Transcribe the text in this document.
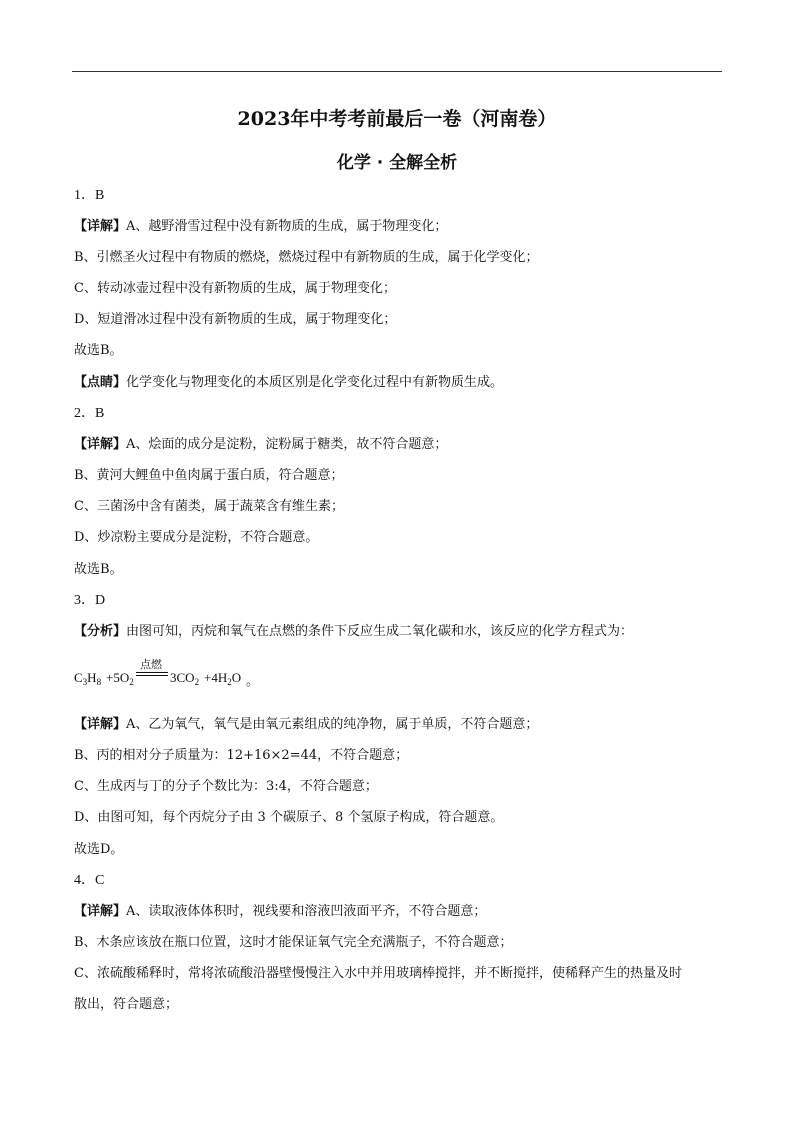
2023年中考考前最后一卷（河南卷）
化学 · 全解全析
1．B
【详解】A、越野滑雪过程中没有新物质的生成，属于物理变化；
B、引燃圣火过程中有物质的燃烧，燃烧过程中有新物质的生成，属于化学变化；
C、转动冰壶过程中没有新物质的生成，属于物理变化；
D、短道滑冰过程中没有新物质的生成，属于物理变化；
故选B。
【点睛】化学变化与物理变化的本质区别是化学变化过程中有新物质生成。
2．B
【详解】A、烩面的成分是淀粉，淀粉属于糖类，故不符合题意；
B、黄河大鲤鱼中鱼肉属于蛋白质，符合题意；
C、三菌汤中含有菌类，属于蔬菜含有维生素；
D、炒凉粉主要成分是淀粉，不符合题意。
故选B。
3．D
【分析】由图可知，丙烷和氧气在点燃的条件下反应生成二氧化碳和水，该反应的化学方程式为：
【详解】A、乙为氧气，氧气是由氧元素组成的纯净物，属于单质，不符合题意；
B、丙的相对分子质量为：12+16×2=44，不符合题意；
C、生成丙与丁的分子个数比为：3:4，不符合题意；
D、由图可知，每个丙烷分子由 3 个碳原子、8 个氢原子构成，符合题意。
故选D。
4．C
【详解】A、读取液体体积时，视线要和溶液凹液面平齐，不符合题意；
B、木条应该放在瓶口位置，这时才能保证氧气完全充满瓶子，不符合题意；
C、浓硫酸稀释时，常将浓硫酸沿器壁慢慢注入水中并用玻璃棒搅拌，并不断搅拌，使稀释产生的热量及时
散出，符合题意；
$C_3H_8 +5O_2$
点燃
$3CO_2 +4H_2O$ 。
